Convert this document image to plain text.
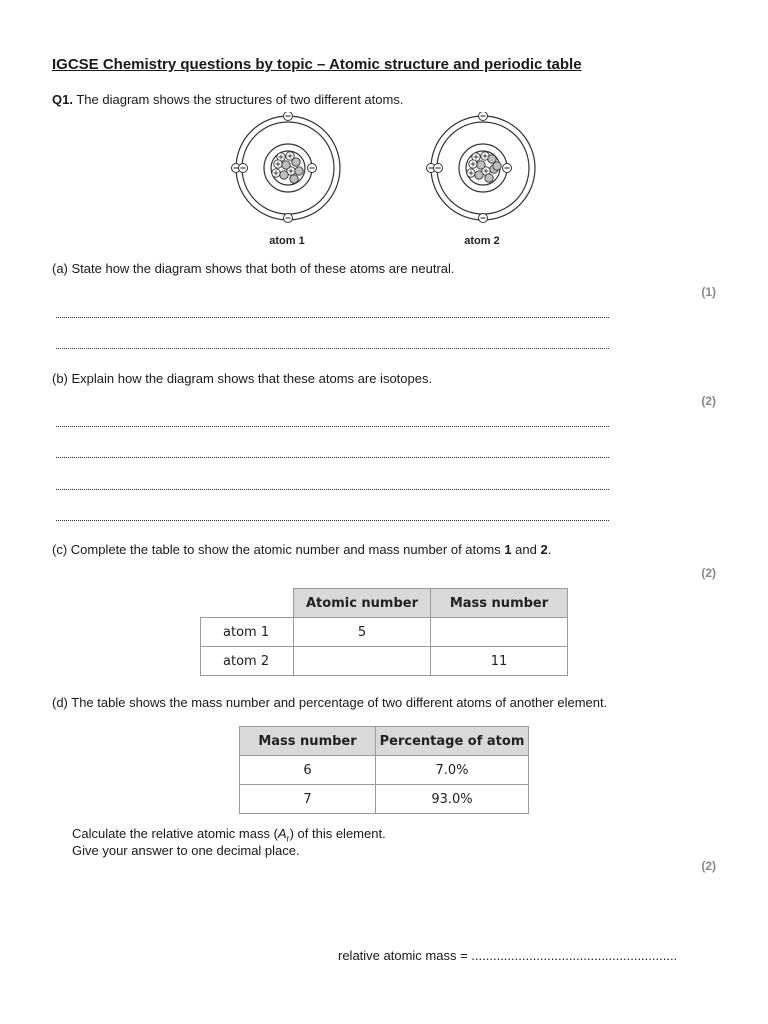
IGCSE Chemistry questions by topic – Atomic structure and periodic table
Q1. The diagram shows the structures of two different atoms.
atom 1	atom 2
(a) State how the diagram shows that both of these atoms are neutral.
(1)
(b) Explain how the diagram shows that these atoms are isotopes.
(2)
(c) Complete the table to show the atomic number and mass number of atoms 1 and 2.
(2)
	Atomic number	Mass number
atom 1	5	
atom 2		11
(d) The table shows the mass number and percentage of two different atoms of another element.
Mass number	Percentage of atom
6	7.0%
7	93.0%
Calculate the relative atomic mass $(A_r)$ of this element.
Give your answer to one decimal place.
(2)
relative atomic mass = .........................................................
